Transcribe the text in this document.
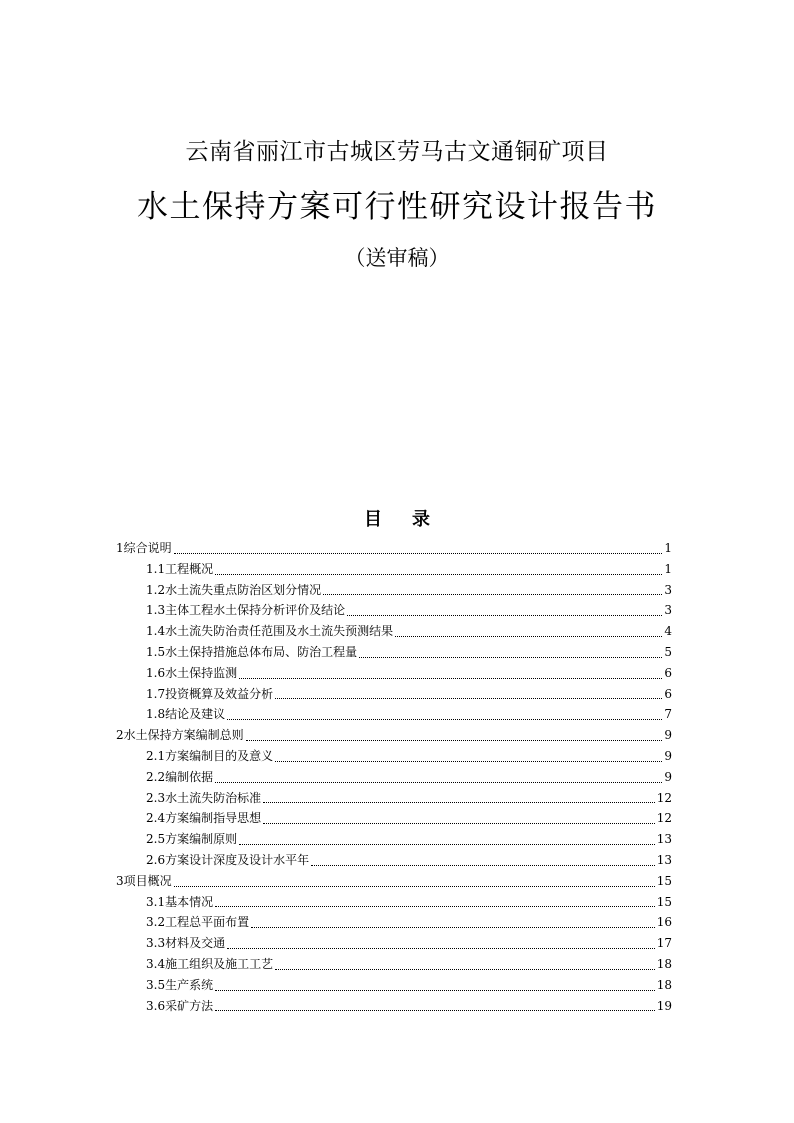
云南省丽江市古城区劳马古文通铜矿项目
水土保持方案可行性研究设计报告书
（送审稿）
目录
1综合说明	1
1.1工程概况	1
1.2水土流失重点防治区划分情况	3
1.3主体工程水土保持分析评价及结论	3
1.4水土流失防治责任范围及水土流失预测结果	4
1.5水土保持措施总体布局、防治工程量	5
1.6水土保持监测	6
1.7投资概算及效益分析	6
1.8结论及建议	7
2水土保持方案编制总则	9
2.1方案编制目的及意义	9
2.2编制依据	9
2.3水土流失防治标准	12
2.4方案编制指导思想	12
2.5方案编制原则	13
2.6方案设计深度及设计水平年	13
3项目概况	15
3.1基本情况	15
3.2工程总平面布置	16
3.3材料及交通	17
3.4施工组织及施工工艺	18
3.5生产系统	18
3.6采矿方法	19
